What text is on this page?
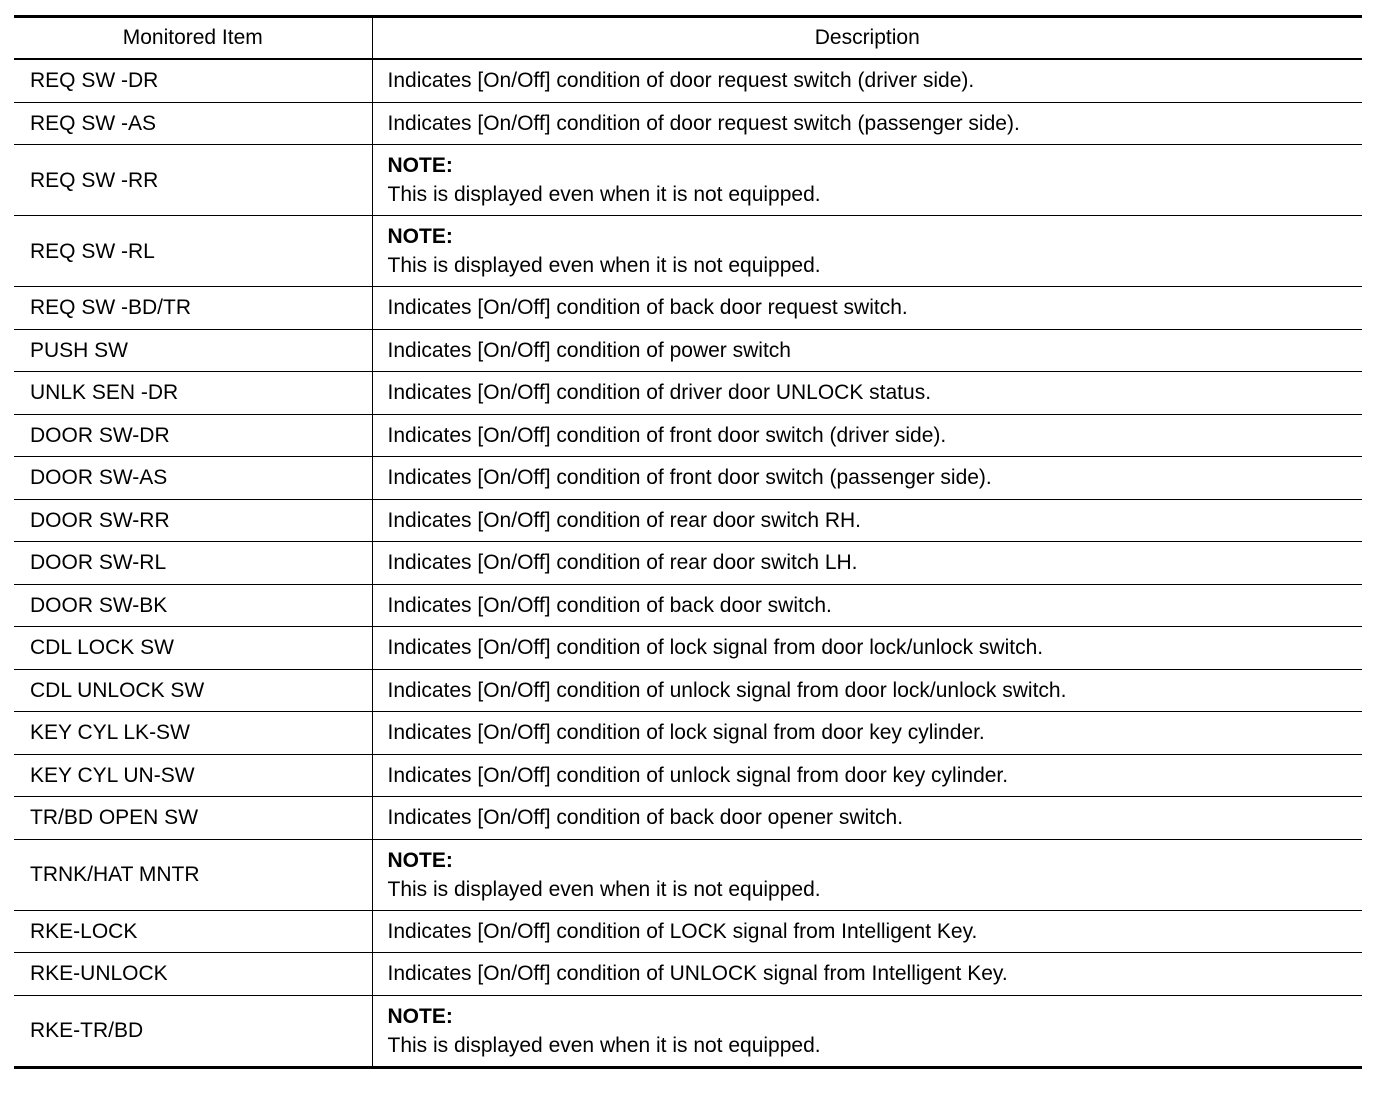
Monitored Item	Description
REQ SW -DR	Indicates [On/Off] condition of door request switch (driver side).
REQ SW -AS	Indicates [On/Off] condition of door request switch (passenger side).
REQ SW -RR	NOTE:
This is displayed even when it is not equipped.

REQ SW -RL	NOTE:
This is displayed even when it is not equipped.

REQ SW -BD/TR	Indicates [On/Off] condition of back door request switch.
PUSH SW	Indicates [On/Off] condition of power switch
UNLK SEN -DR	Indicates [On/Off] condition of driver door UNLOCK status.
DOOR SW-DR	Indicates [On/Off] condition of front door switch (driver side).
DOOR SW-AS	Indicates [On/Off] condition of front door switch (passenger side).
DOOR SW-RR	Indicates [On/Off] condition of rear door switch RH.
DOOR SW-RL	Indicates [On/Off] condition of rear door switch LH.
DOOR SW-BK	Indicates [On/Off] condition of back door switch.
CDL LOCK SW	Indicates [On/Off] condition of lock signal from door lock/unlock switch.
CDL UNLOCK SW	Indicates [On/Off] condition of unlock signal from door lock/unlock switch.
KEY CYL LK-SW	Indicates [On/Off] condition of lock signal from door key cylinder.
KEY CYL UN-SW	Indicates [On/Off] condition of unlock signal from door key cylinder.
TR/BD OPEN SW	Indicates [On/Off] condition of back door opener switch.
TRNK/HAT MNTR	NOTE:
This is displayed even when it is not equipped.

RKE-LOCK	Indicates [On/Off] condition of LOCK signal from Intelligent Key.
RKE-UNLOCK	Indicates [On/Off] condition of UNLOCK signal from Intelligent Key.
RKE-TR/BD	NOTE:
This is displayed even when it is not equipped.
